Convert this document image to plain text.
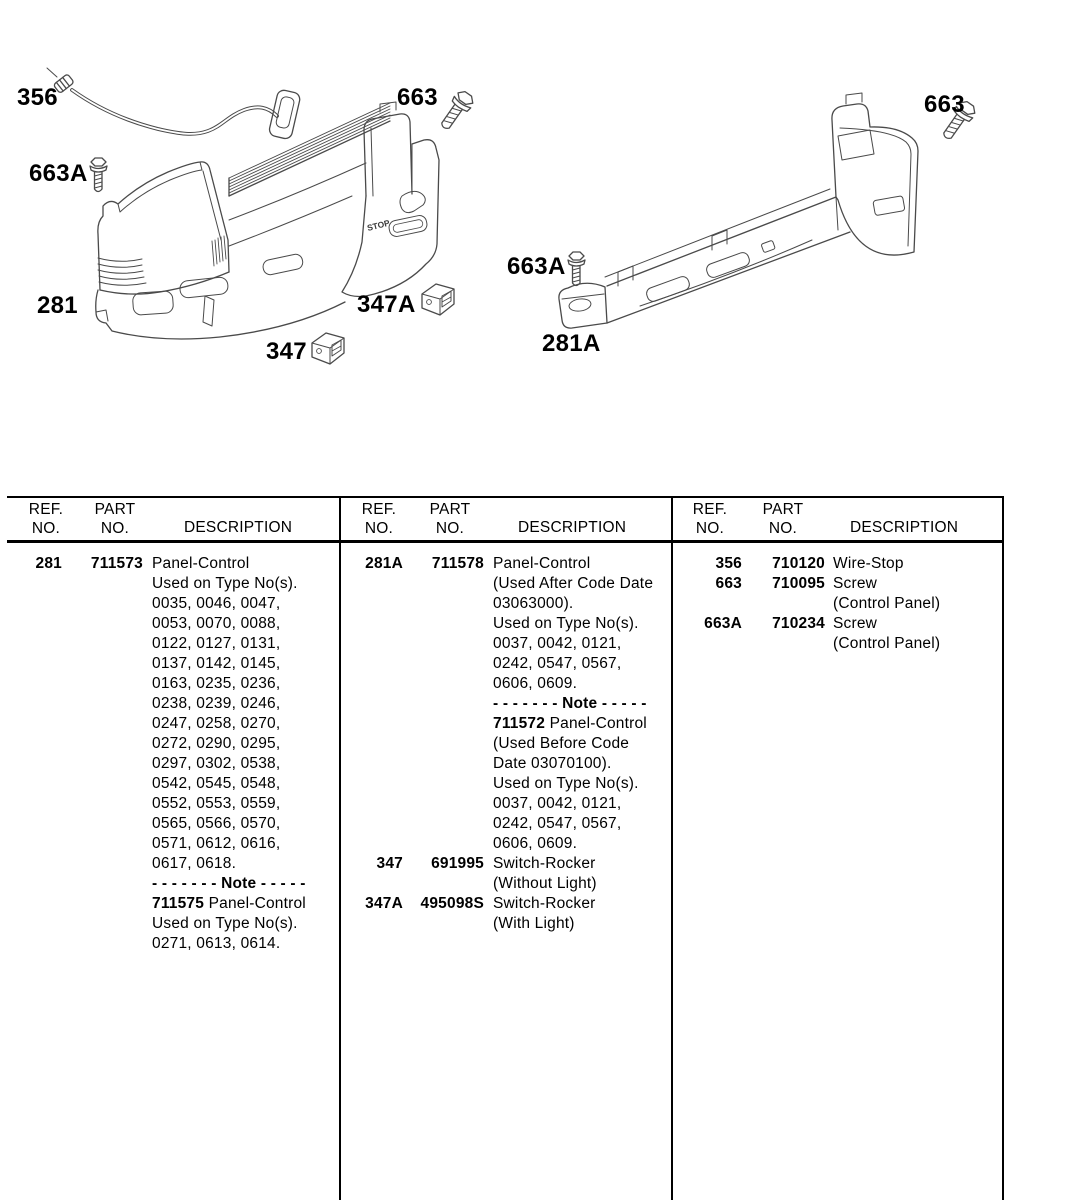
STOP
356	663
663A
281	347A
347
663
663A
281A
REF.
NO.
PART
NO.	DESCRIPTION
REF.
NO.
PART
NO.	DESCRIPTION
REF.
NO.
PART
NO.	DESCRIPTION
281	711573 Panel-Control
Used on Type No(s).
0035, 0046, 0047,
0053, 0070, 0088,
0122, 0127, 0131,
0137, 0142, 0145,
0163, 0235, 0236,
0238, 0239, 0246,
0247, 0258, 0270,
0272, 0290, 0295,
0297, 0302, 0538,
0542, 0545, 0548,
0552, 0553, 0559,
0565, 0566, 0570,
0571, 0612, 0616,
0617, 0618.
- - - - - - - Note - - - - -
711575 Panel-Control
Used on Type No(s).
0271, 0613, 0614.
281A	711578 Panel-Control
(Used After Code Date
03063000).
Used on Type No(s).
0037, 0042, 0121,
0242, 0547, 0567,
0606, 0609.
- - - - - - - Note - - - - -
711572 Panel-Control
(Used Before Code
Date 03070100).
Used on Type No(s).
0037, 0042, 0121,
0242, 0547, 0567,
0606, 0609.
347	691995 Switch-Rocker
(Without Light)
347A	495098S Switch-Rocker
(With Light)
356	710120 Wire-Stop
663	710095 Screw
(Control Panel)
663A	710234 Screw
(Control Panel)
